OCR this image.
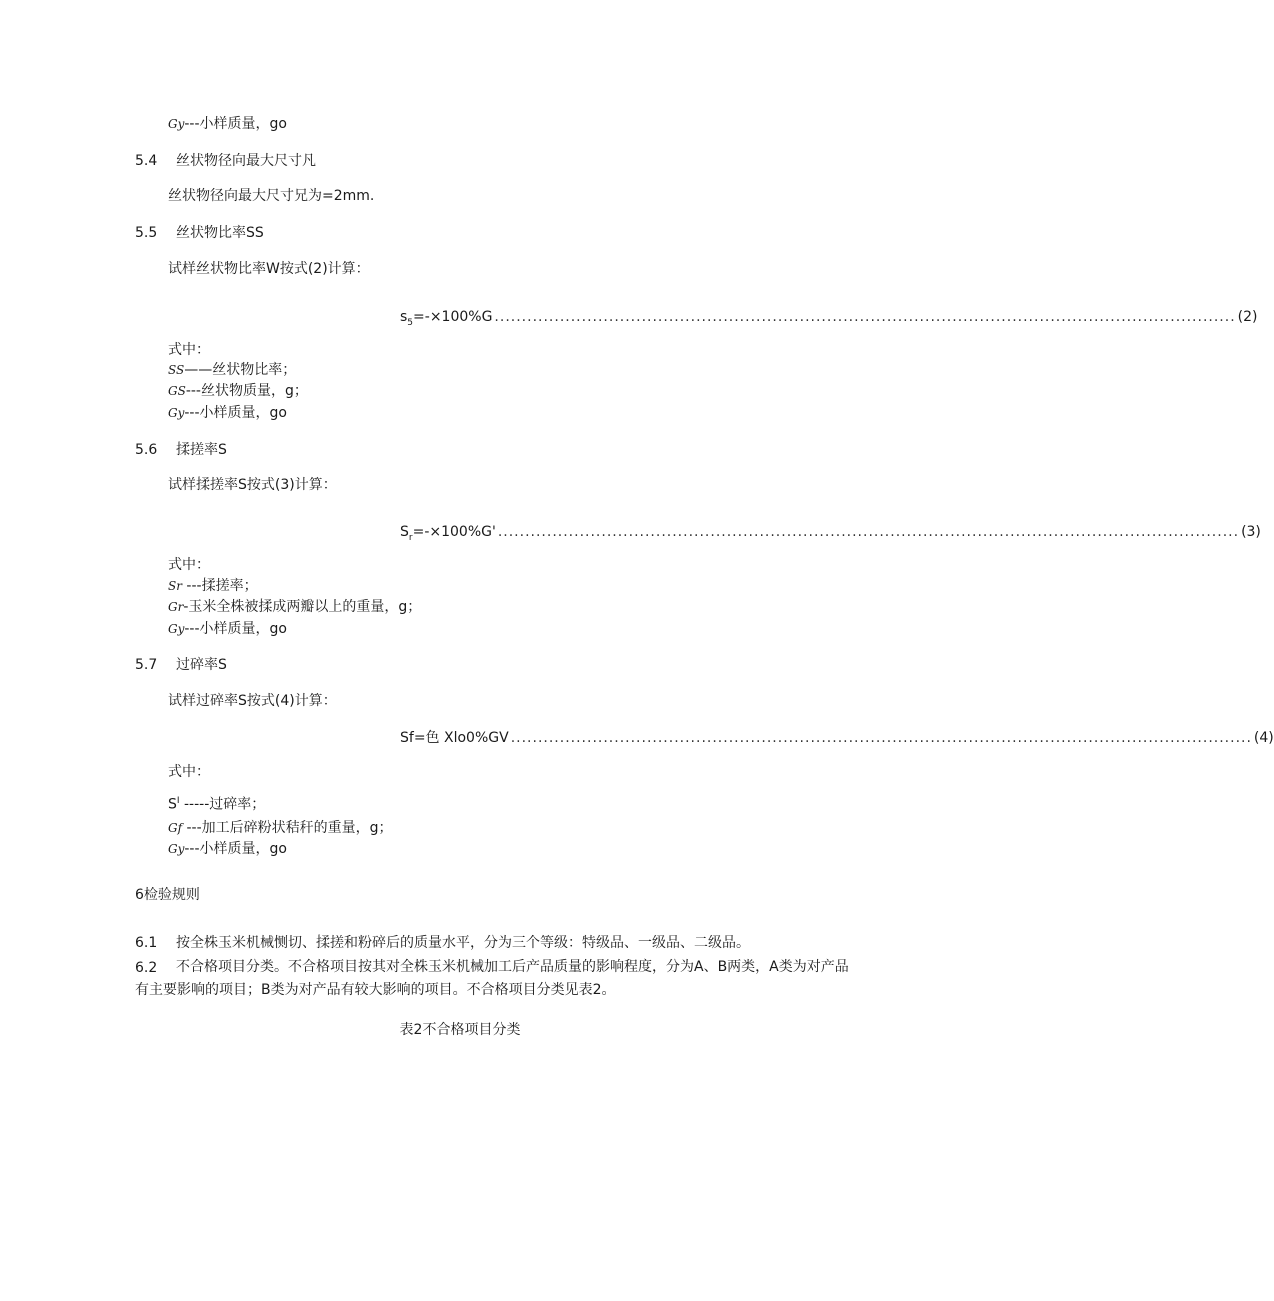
Gy---小样质量，go
5.4 丝状物径向最大尺寸凡
丝状物径向最大尺寸兄为=2mm.
5.5 丝状物比率SS
试样丝状物比率W按式(2)计算：
$s_5=-\times 100\%G$ ........................................................................................................................................ (2)
式中：
SS——丝状物比率；
GS---丝状物质量，g；
Gy---小样质量，go
5.6 揉搓率S
试样揉搓率S按式(3)计算：
$S_r=-\times 100\%G'$ ........................................................................................................................................ (3)
式中：
Sr ---揉搓率；
Gr-玉米全株被揉成两瓣以上的重量，g；
Gy---小样质量，go
5.7 过碎率S
试样过碎率S按式(4)计算：
Sf=色 Xlo0%GV ........................................................................................................................................ (4)
式中：
$S^I$ -----过碎率；
Gf ---加工后碎粉状秸秆的重量，g；
Gy---小样质量，go
6检验规则
6.1 按全株玉米机械恻切、揉搓和粉碎后的质量水平，分为三个等级：特级品、一级品、二级品。
6.2	不合格项目分类。不合格项目按其对全株玉米机械加工后产品质量的影响程度，分为A、B两类，A类为对产品有主要影响的项目；B类为对产品有较大影响的项目。不合格项目分类见表2。
表2不合格项目分类
